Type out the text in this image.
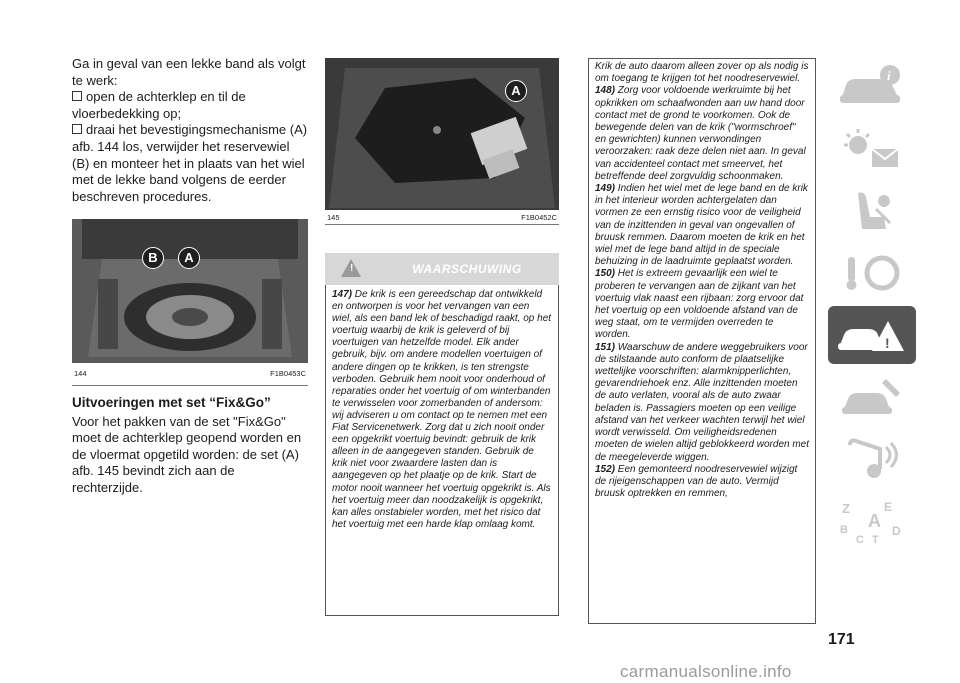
Ga in geval van een lekke band als volgt te werk:

open de achterklep en til de vloerbedekking op;
draai het bevestigingsmechanisme (A) afb. 144 los, verwijder het reservewiel (B) en monteer het in plaats van het wiel met de lekke band volgens de eerder beschreven procedures.
B	A
144	F1B0453C
Uitvoeringen met set “Fix&Go”

Voor het pakken van de set "Fix&Go" moet de achterklep geopend worden en de vloermat opgetild worden: de set (A) afb. 145 bevindt zich aan de rechterzijde.

A
145	F1B0452C
!	WAARSCHUWING
147) De krik is een gereedschap dat ontwikkeld en ontworpen is voor het vervangen van een wiel, als een band lek of beschadigd raakt, op het voertuig waarbij de krik is geleverd of bij voertuigen van hetzelfde model. Elk ander gebruik, bijv. om andere modellen voertuigen of andere dingen op te krikken, is ten strengste verboden. Gebruik hem nooit voor onderhoud of reparaties onder het voertuig of om winterbanden te verwisselen voor zomerbanden of andersom: wij adviseren u om contact op te nemen met een Fiat Servicenetwerk. Zorg dat u zich nooit onder een opgekrikt voertuig bevindt: gebruik de krik alleen in de aangegeven standen. Gebruik de krik niet voor zwaardere lasten dan is aangegeven op het plaatje op de krik. Start de motor nooit wanneer het voertuig opgekrikt is. Als het voertuig meer dan noodzakelijk is opgekrikt, kan alles onstabieler worden, met het risico dat het voertuig met een harde klap omlaag komt.

Krik de auto daarom alleen zover op als nodig is om toegang te krijgen tot het noodreservewiel.

148) Zorg voor voldoende werkruimte bij het opkrikken om schaafwonden aan uw hand door contact met de grond te voorkomen. Ook de bewegende delen van de krik ("wormschroef" en gewrichten) kunnen verwondingen veroorzaken: raak deze delen niet aan. In geval van accidenteel contact met smeervet, het betreffende deel zorgvuldig schoonmaken.

149) Indien het wiel met de lege band en de krik in het interieur worden achtergelaten dan vormen ze een ernstig risico voor de veiligheid van de inzittenden in geval van ongevallen of bruusk remmen. Daarom moeten de krik en het wiel met de lege band altijd in de speciale behuizing in de laadruimte geplaatst worden.

150) Het is extreem gevaarlijk een wiel te proberen te vervangen aan de zijkant van het voertuig vlak naast een rijbaan: zorg ervoor dat het voertuig op een voldoende afstand van de weg staat, om te vermijden overreden te worden.

151) Waarschuw de andere weggebruikers voor de stilstaande auto conform de plaatselijke wettelijke voorschriften: alarmknipperlichten, gevarendriehoek enz. Alle inzittenden moeten de auto verlaten, vooral als de auto zwaar beladen is. Passagiers moeten op een veilige afstand van het verkeer wachten terwijl het wiel wordt verwisseld. Om veiligheidsredenen moeten de wielen altijd geblokkeerd worden met de meegeleverde wiggen.

152) Een gemonteerd noodreservewiel wijzigt de rijeigenschappen van de auto. Vermijd bruusk optrekken en remmen,

i
!
Z	E
B A
C T
D
171
carmanualsonline.info
